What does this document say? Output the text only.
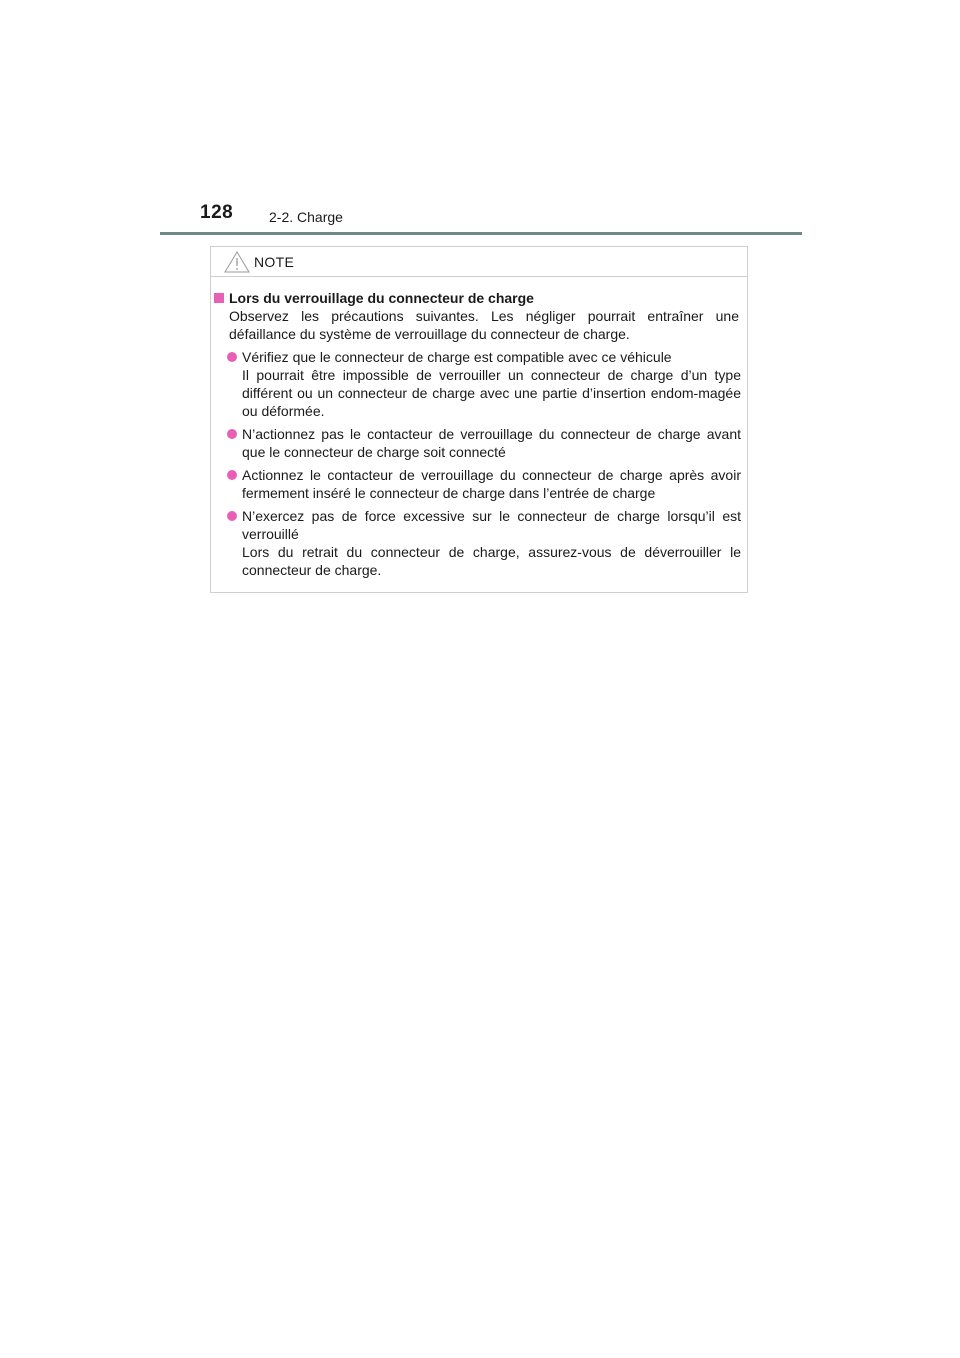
128	2-2. Charge
NOTE
Lors du verrouillage du connecteur de charge
Observez les précautions suivantes. Les négliger pourrait entraîner une défaillance du système de verrouillage du connecteur de charge.

Vérifiez que le connecteur de charge est compatible avec ce véhicule

Il pourrait être impossible de verrouiller un connecteur de charge d’un type différent ou un connecteur de charge avec une partie d’insertion endom-magée ou déformée.

N’actionnez pas le contacteur de verrouillage du connecteur de charge avant que le connecteur de charge soit connecté

Actionnez le contacteur de verrouillage du connecteur de charge après avoir fermement inséré le connecteur de charge dans l’entrée de charge

N’exercez pas de force excessive sur le connecteur de charge lorsqu’il est verrouillé

Lors du retrait du connecteur de charge, assurez-vous de déverrouiller le connecteur de charge.
